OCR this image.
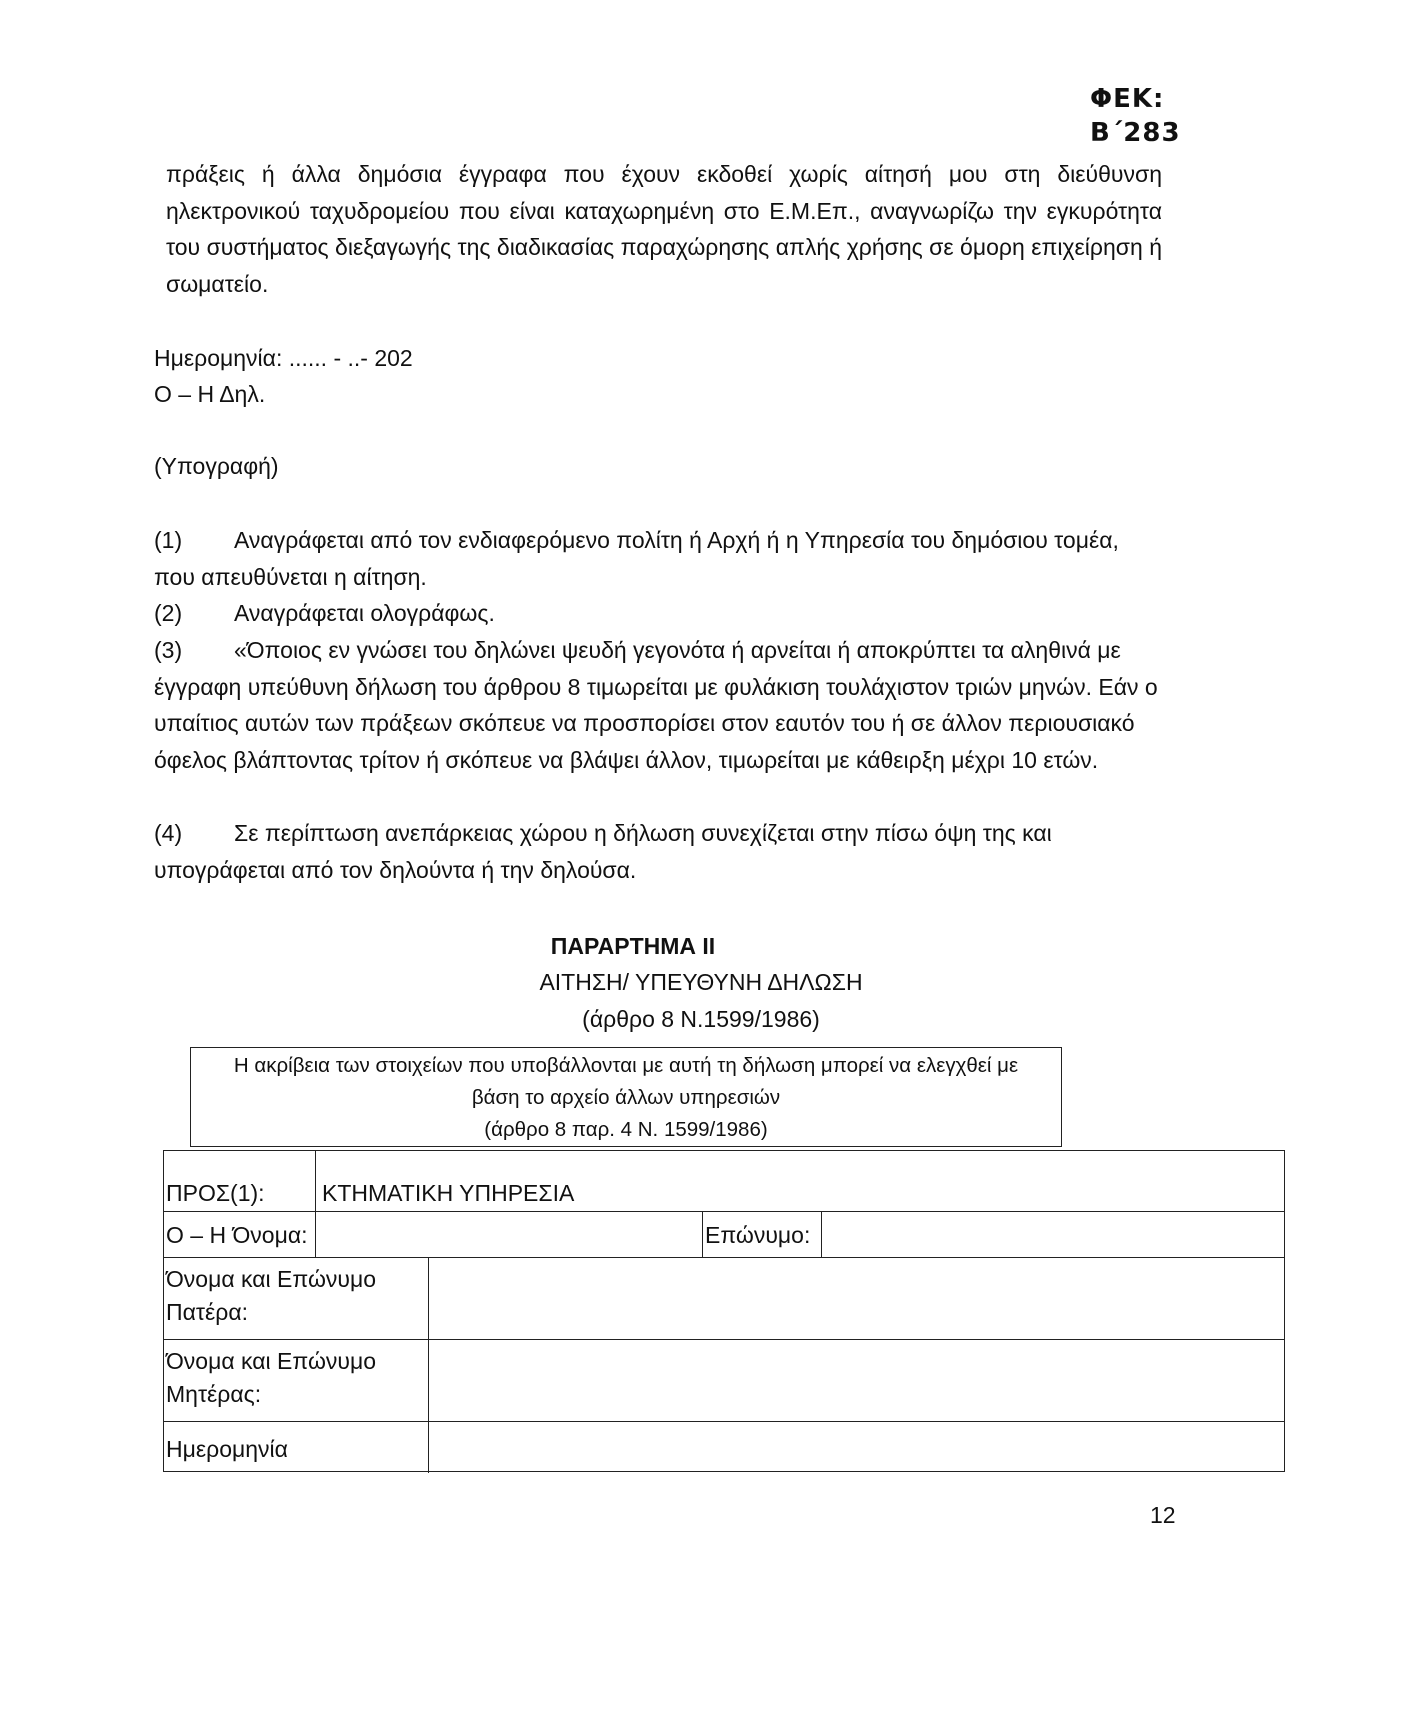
ΦΕΚ: Β΄283

πράξεις ή άλλα δημόσια έγγραφα που έχουν εκδοθεί χωρίς αίτησή μου στη διεύθυνση ηλεκτρονικού ταχυδρομείου που είναι καταχωρημένη στο Ε.Μ.Επ., αναγνωρίζω την εγκυρότητα του συστήματος διεξαγωγής της διαδικασίας παραχώρησης απλής χρήσης σε όμορη επιχείρηση ή σωματείο.

Ημερομηνία: ...... - ..- 202

Ο – Η Δηλ.

(Υπογραφή)

(1) Αναγράφεται από τον ενδιαφερόμενο πολίτη ή Αρχή ή η Υπηρεσία του δημόσιου τομέα, που απευθύνεται η αίτηση.
(2) Αναγράφεται ολογράφως.
(3) «Όποιος εν γνώσει του δηλώνει ψευδή γεγονότα ή αρνείται ή αποκρύπτει τα αληθινά με έγγραφη υπεύθυνη δήλωση του άρθρου 8 τιμωρείται με φυλάκιση τουλάχιστον τριών μηνών. Εάν ο υπαίτιος αυτών των πράξεων σκόπευε να προσπορίσει στον εαυτόν του ή σε άλλον περιουσιακό όφελος βλάπτοντας τρίτον ή σκόπευε να βλάψει άλλον, τιμωρείται με κάθειρξη μέχρι 10 ετών.
(4) Σε περίπτωση ανεπάρκειας χώρου η δήλωση συνεχίζεται στην πίσω όψη της και υπογράφεται από τον δηλούντα ή την δηλούσα.

ΠΑΡΑΡΤΗΜΑ ΙΙ

ΑΙΤΗΣΗ/ ΥΠΕΥΘΥΝΗ ΔΗΛΩΣΗ

(άρθρο 8 Ν.1599/1986)

Η ακρίβεια των στοιχείων που υποβάλλονται με αυτή τη δήλωση μπορεί να ελεγχθεί με
βάση το αρχείο άλλων υπηρεσιών
(άρθρο 8 παρ. 4 Ν. 1599/1986)
ΠΡΟΣ(1): ΚΤΗΜΑΤΙΚΗ ΥΠΗΡΕΣΙΑ
Ο – Η Όνομα:	Επώνυμο:
Όνομα και Επώνυμο
Πατέρα:
Όνομα και Επώνυμο
Μητέρας:
Ημερομηνία
12
